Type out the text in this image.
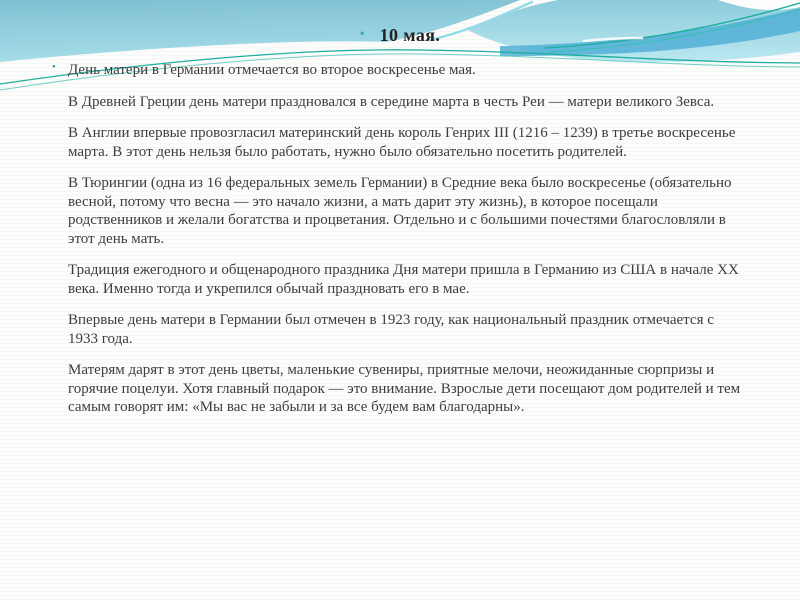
• 10 мая.

• День матери в Германии отмечается во второе воскресенье мая.

В Древней Греции день матери праздновался в середине марта в честь Реи — матери великого Зевса.

В Англии впервые провозгласил материнский день король Генрих III (1216 – 1239) в третье воскресенье марта. В этот день нельзя было работать, нужно было обязательно посетить родителей.

В Тюрингии (одна из 16 федеральных земель Германии) в Средние века было воскресенье (обязательно весной, потому что весна — это начало жизни, а мать дарит эту жизнь), в которое посещали родственников и желали богатства и процветания. Отдельно и с большими почестями благословляли в этот день мать.

Традиция ежегодного и общенародного праздника Дня матери пришла в Германию из США в начале XX века. Именно тогда и укрепился обычай праздновать его в мае.

Впервые день матери в Германии был отмечен в 1923 году, как национальный праздник отмечается с 1933 года.

Матерям дарят в этот день цветы, маленькие сувениры, приятные мелочи, неожиданные сюрпризы и горячие поцелуи. Хотя главный подарок — это внимание. Взрослые дети посещают дом родителей и тем самым говорят им: «Мы вас не забыли и за все будем вам благодарны».
